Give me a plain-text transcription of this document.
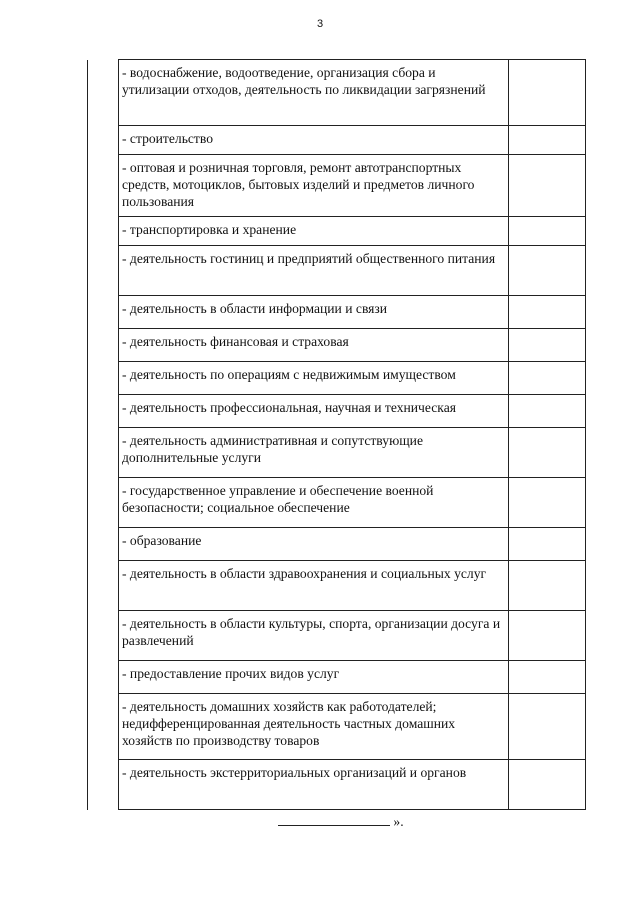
3
	- водоснабжение, водоотведение, организация сбора и утилизации отходов, деятельность по ликвидации загрязнений	
	- строительство	
	- оптовая и розничная торговля, ремонт автотранспортных средств, мотоциклов, бытовых изделий и предметов личного пользования	
	- транспортировка и хранение	
	- деятельность гостиниц и предприятий общественного питания	
	- деятельность в области информации и связи	
	- деятельность финансовая и страховая	
	- деятельность по операциям с недвижимым имуществом	
	- деятельность профессиональная, научная и техническая	
	- деятельность административная и сопутствующие дополнительные услуги	
	- государственное управление и обеспечение военной безопасности; социальное обеспечение	
	- образование	
	- деятельность в области здравоохранения и социальных услуг	
	- деятельность в области культуры, спорта, организации досуга и развлечений	
	- предоставление прочих видов услуг	
	- деятельность домашних хозяйств как работодателей; недифференцированная деятельность частных домашних хозяйств по производству товаров	
	- деятельность экстерриториальных организаций и органов	
».
